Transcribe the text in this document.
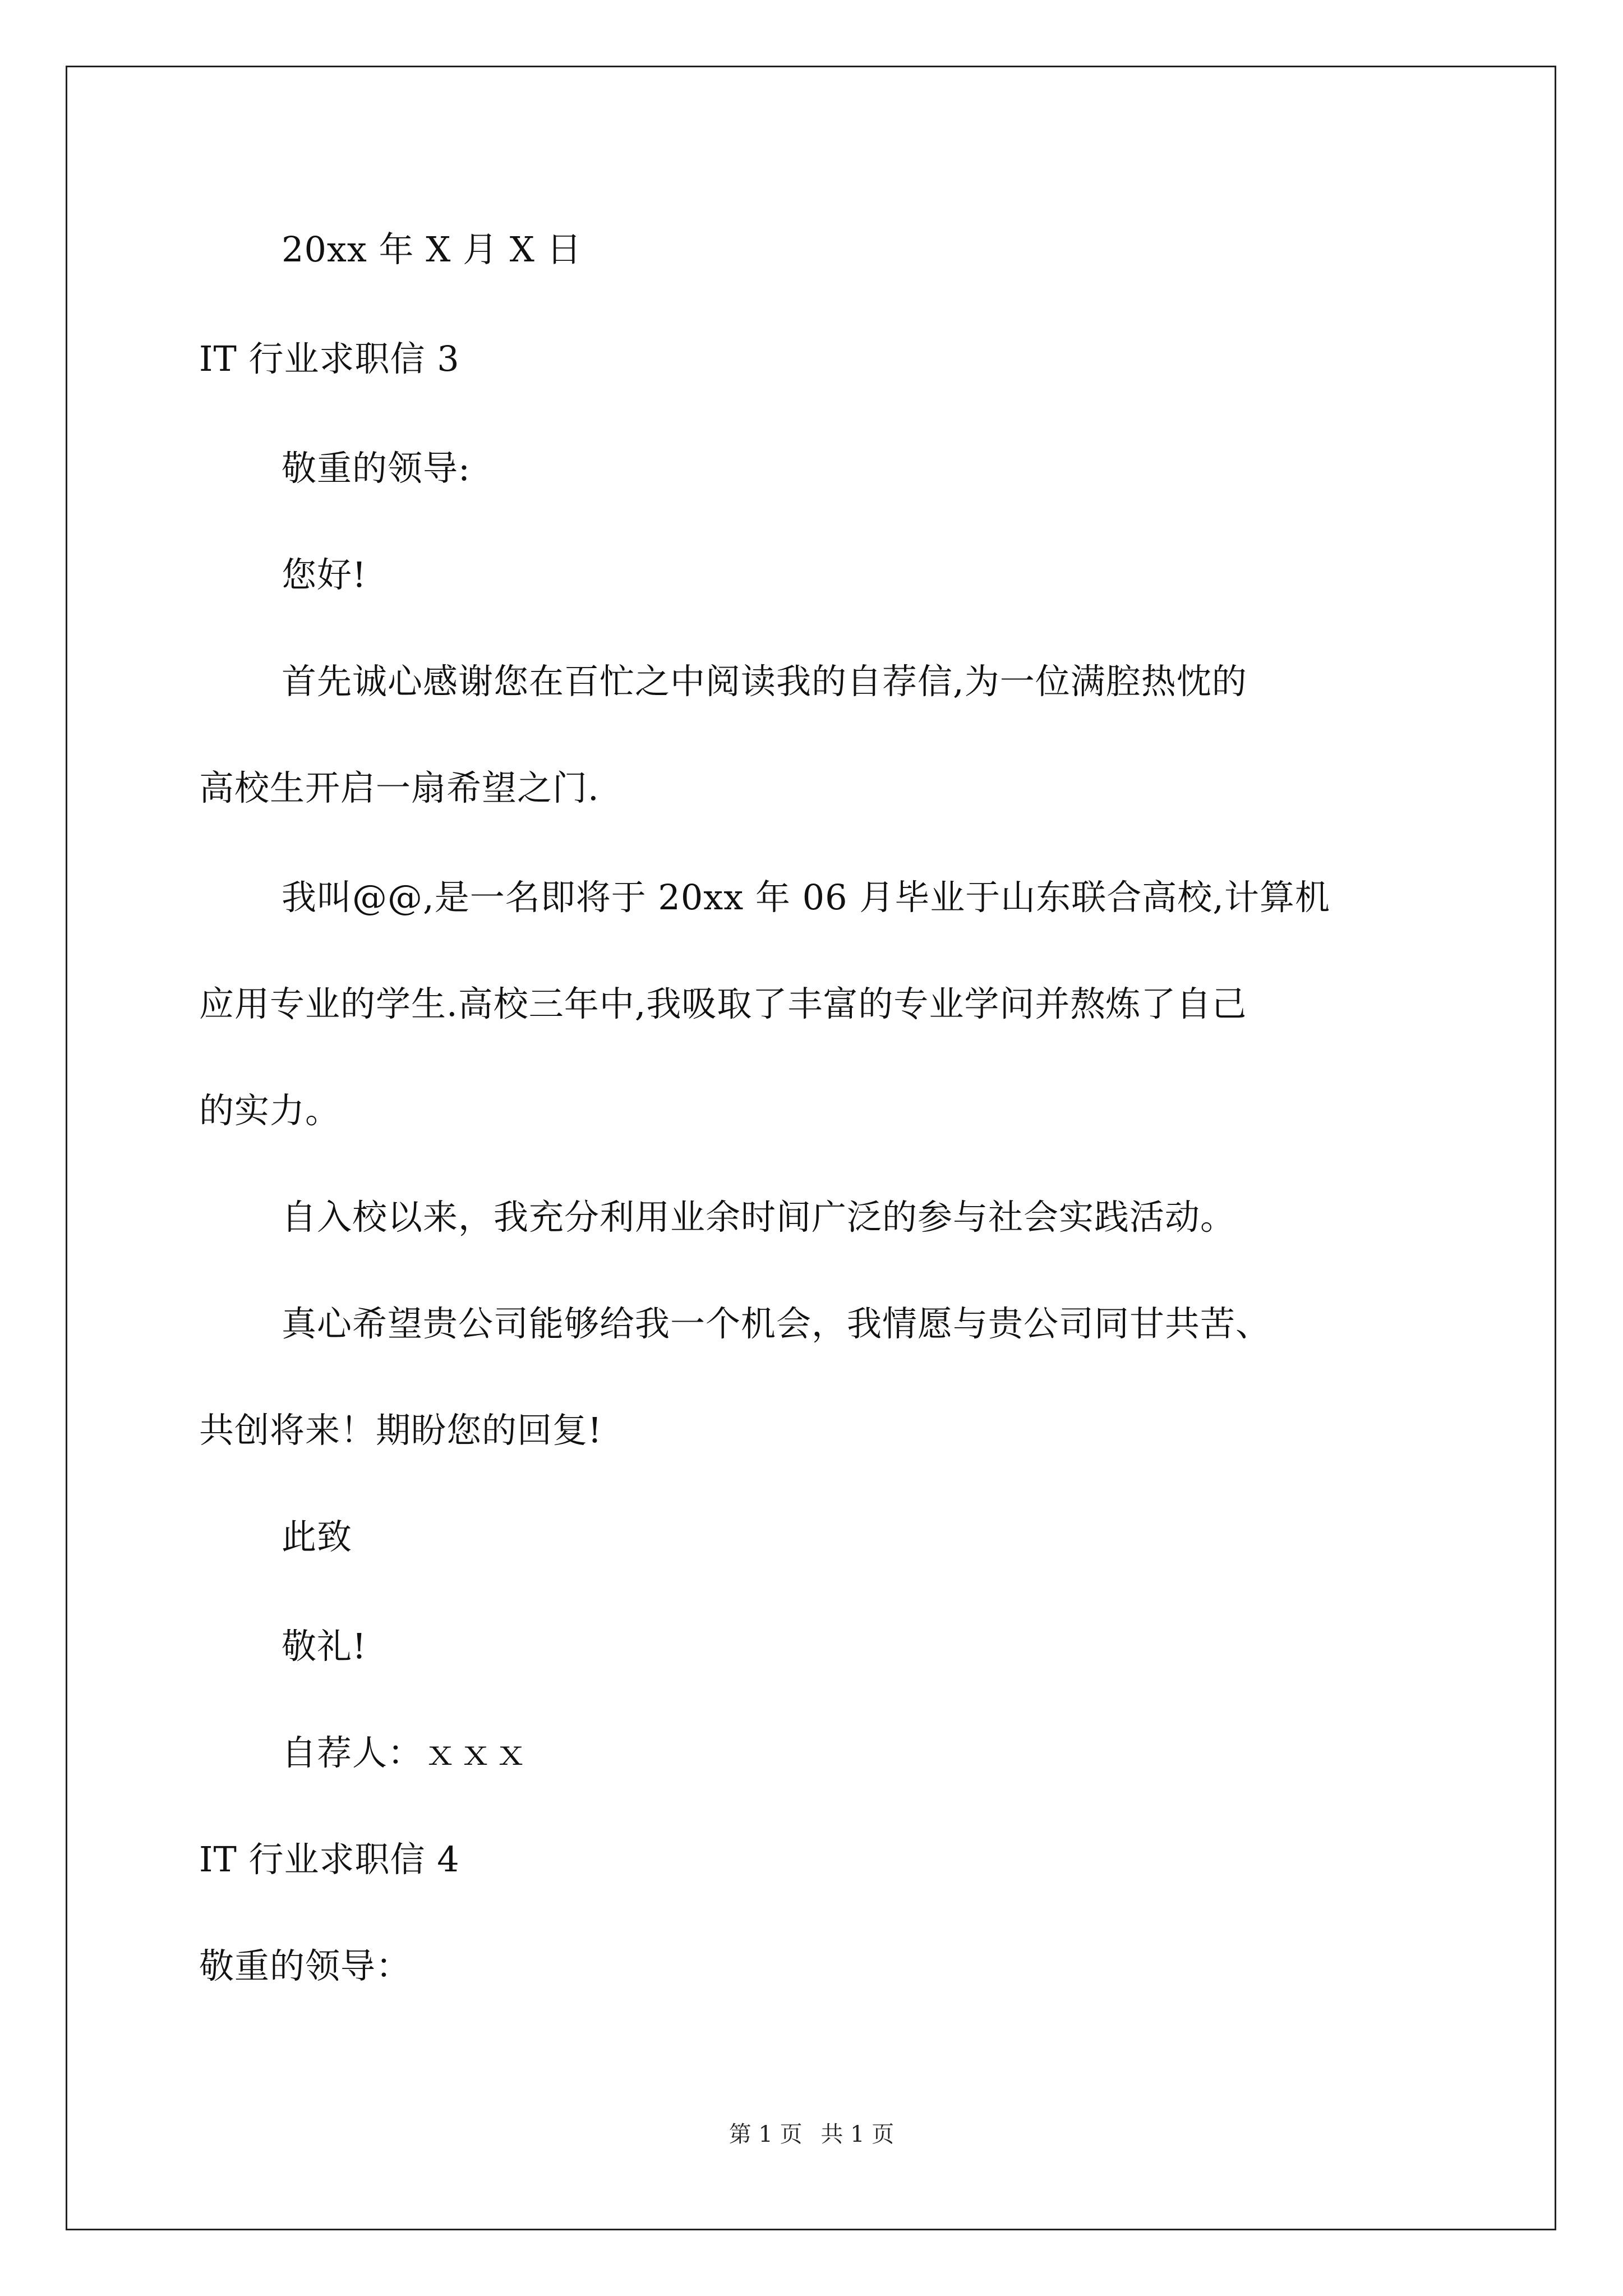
20xx 年 X 月 X 日
IT 行业求职信 3
敬重的领导:
您好!
首先诚心感谢您在百忙之中阅读我的自荐信,为一位满腔热忱的
高校生开启一扇希望之门.
我叫@@,是一名即将于 20xx 年 06 月毕业于山东联合高校,计算机
应用专业的学生.高校三年中,我吸取了丰富的专业学问并熬炼了自己
的实力。
自入校以来，我充分利用业余时间广泛的参与社会实践活动。
真心希望贵公司能够给我一个机会，我情愿与贵公司同甘共苦、
共创将来！期盼您的回复!
此致
敬礼!
自荐人：ｘｘｘ
IT 行业求职信 4
敬重的领导：
第 1 页 共 1 页
